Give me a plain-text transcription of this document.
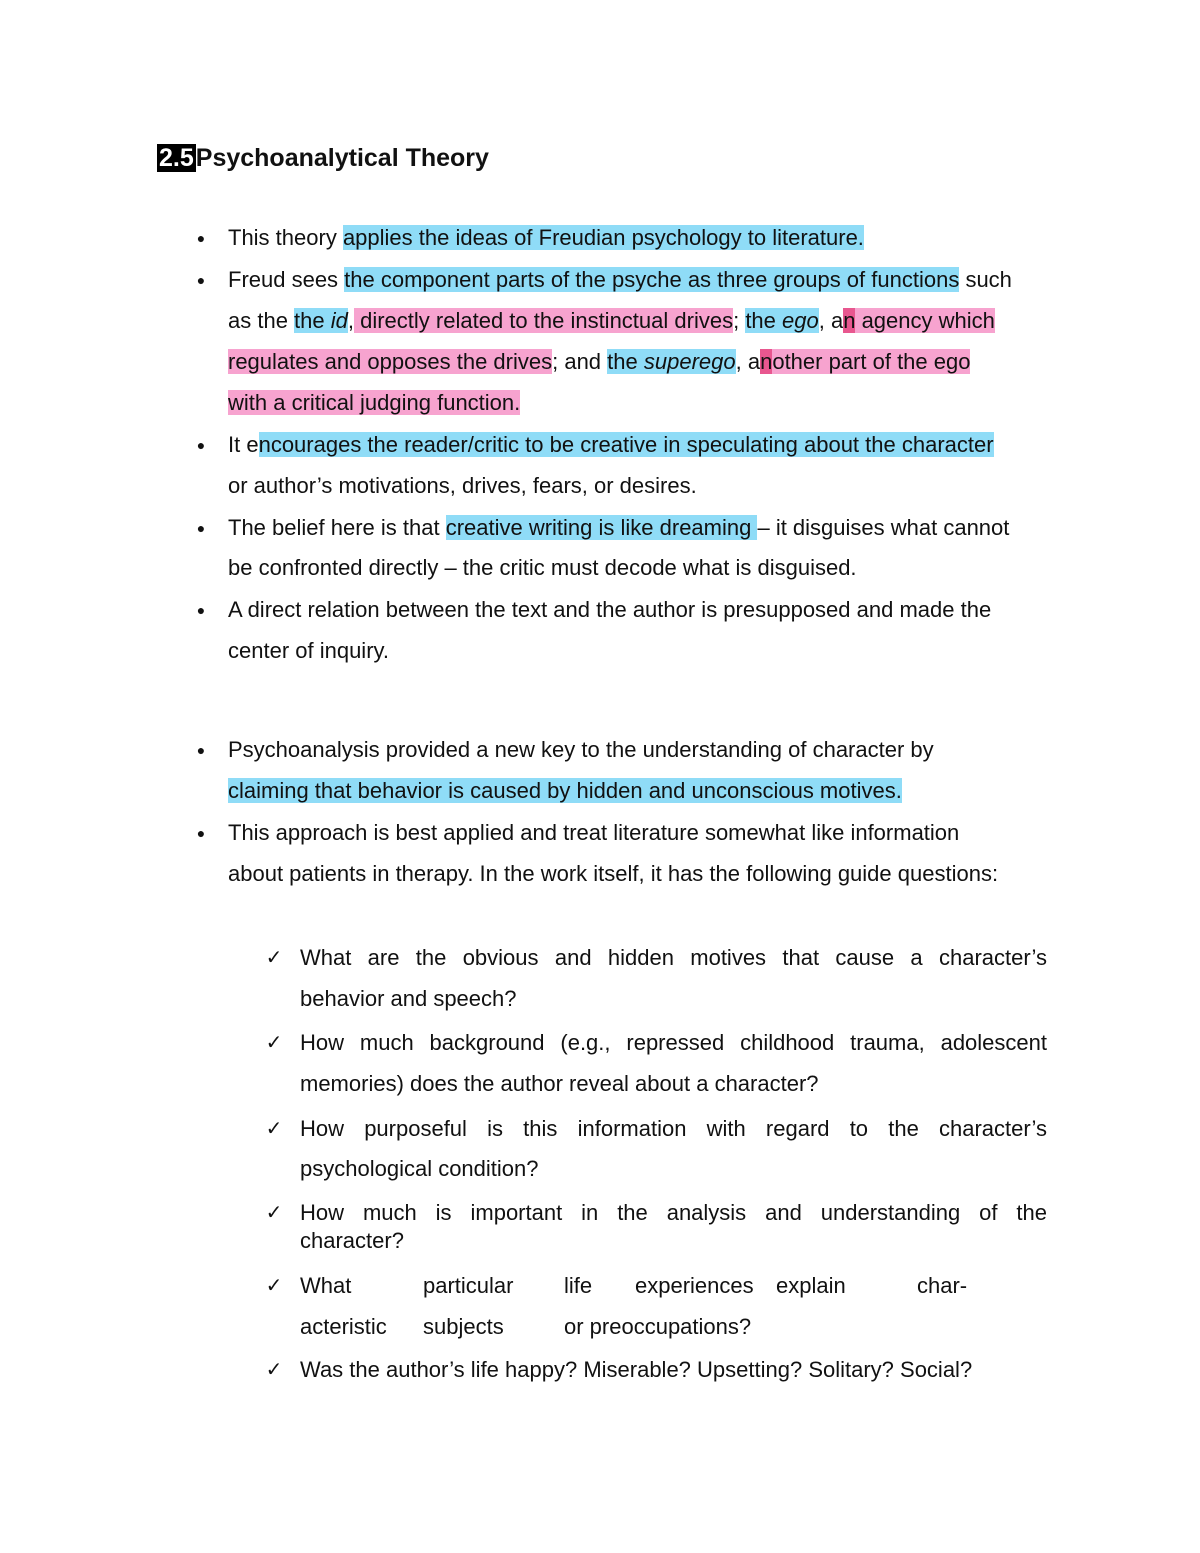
2.5Psychoanalytical Theory
● This theory applies the ideas of Freudian psychology to literature.
● Freud sees the component parts of the psyche as three groups of functions such
as the the id, directly related to the instinctual drives; the ego, an agency which
regulates and opposes the drives; and the superego, another part of the ego
with a critical judging function.
● It encourages the reader/critic to be creative in speculating about the character
or author’s motivations, drives, fears, or desires.
● The belief here is that creative writing is like dreaming – it disguises what cannot
be confronted directly – the critic must decode what is disguised.
● A direct relation between the text and the author is presupposed and made the
center of inquiry.
● Psychoanalysis provided a new key to the understanding of character by
claiming that behavior is caused by hidden and unconscious motives.
● This approach is best applied and treat literature somewhat like information
about patients in therapy. In the work itself, it has the following guide questions:
✓ What are the obvious and hidden motives that cause a character’s
behavior and speech?
✓ How much background (e.g., repressed childhood trauma, adolescent
memories) does the author reveal about a character?
✓ How purposeful is this information with regard to the character’s
psychological condition?
✓ How much is important in the analysis and understanding of the
character?
✓ What	particular life experiences explain	char-
acteristic subjects	or preoccupations?
✓ Was the author’s life happy? Miserable? Upsetting? Solitary? Social?
